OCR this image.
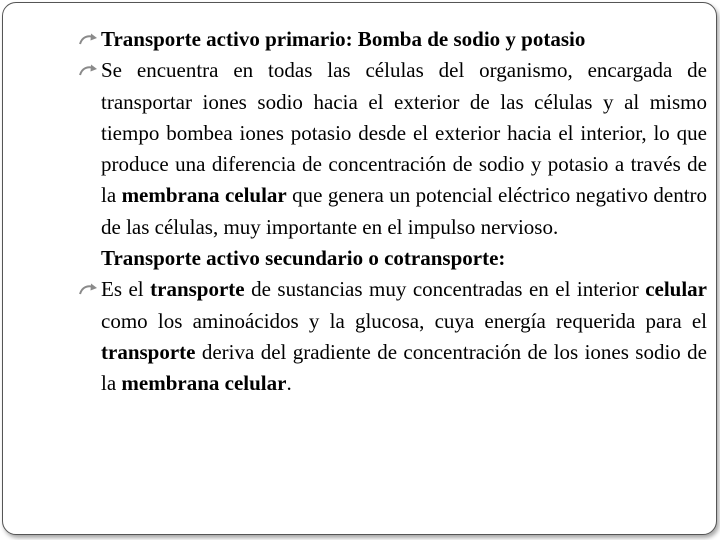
Transporte activo primario: Bomba de sodio y potasio

Se encuentra en todas las células del organismo, encargada de transportar iones sodio hacia el exterior de las células y al mismo tiempo bombea iones potasio desde el exterior hacia el interior, lo que produce una diferencia de concentración de sodio y potasio a través de la membrana celular que genera un potencial eléctrico negativo dentro de las células, muy importante en el impulso nervioso.

Transporte activo secundario o cotransporte:

Es el transporte de sustancias muy concentradas en el interior celular como los aminoácidos y la glucosa, cuya energía requerida para el transporte deriva del gradiente de concentración de los iones sodio de la membrana celular.
